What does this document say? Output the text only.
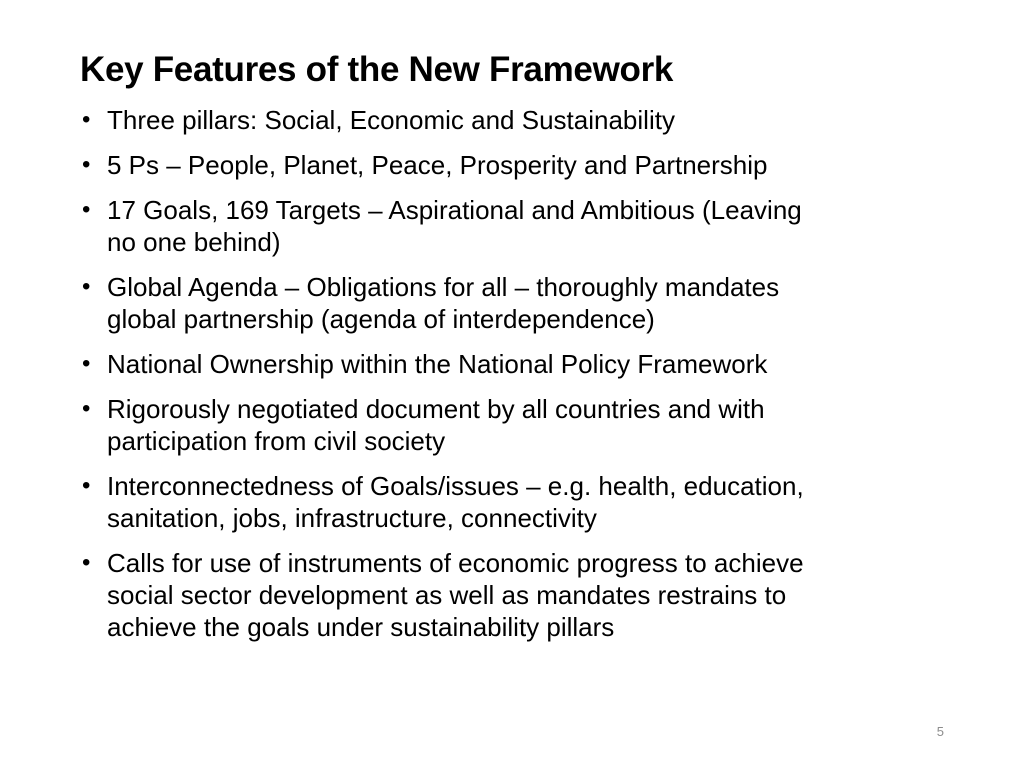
Key Features of the New Framework
• Three pillars: Social, Economic and Sustainability
• 5 Ps – People, Planet, Peace, Prosperity and Partnership
• 17 Goals, 169 Targets – Aspirational and Ambitious (Leaving
no one behind)
• Global Agenda – Obligations for all – thoroughly mandates
global partnership (agenda of interdependence)
• National Ownership within the National Policy Framework
• Rigorously negotiated document by all countries and with
participation from civil society
• Interconnectedness of Goals/issues – e.g. health, education,
sanitation, jobs, infrastructure, connectivity
• Calls for use of instruments of economic progress to achieve
social sector development as well as mandates restrains to
achieve the goals under sustainability pillars
5
